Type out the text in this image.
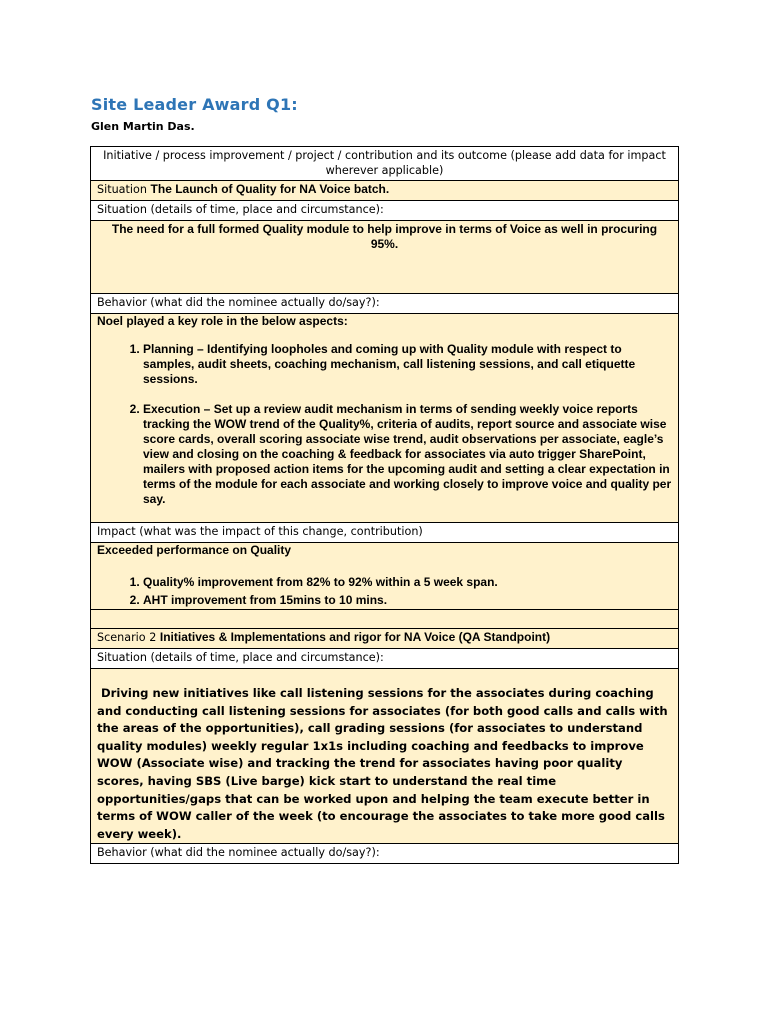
Site Leader Award Q1:
Glen Martin Das.
Initiative / process improvement / project / contribution and its outcome (please add data for impact wherever applicable)
Situation The Launch of Quality for NA Voice batch.
Situation (details of time, place and circumstance):
The need for a full formed Quality module to help improve in terms of Voice as well in procuring 95%.
Behavior (what did the nominee actually do/say?):

Noel played a key role in the below aspects:
1. Planning – Identifying loopholes and coming up with Quality module with respect to samples, audit sheets, coaching mechanism, call listening sessions, and call etiquette sessions.
2. Execution – Set up a review audit mechanism in terms of sending weekly voice reports tracking the WOW trend of the Quality%, criteria of audits, report source and associate wise score cards, overall scoring associate wise trend, audit observations per associate, eagle’s view and closing on the coaching & feedback for associates via auto trigger SharePoint, mailers with proposed action items for the upcoming audit and setting a clear expectation in terms of the module for each associate and working closely to improve voice and quality per say.

Impact (what was the impact of this change, contribution)

Exceeded performance on Quality
1. Quality% improvement from 82% to 92% within a 5 week span.
2. AHT improvement from 15mins to 10 mins.

Scenario 2 Initiatives & Implementations and rigor for NA Voice (QA Standpoint)
Situation (details of time, place and circumstance):
Driving new initiatives like call listening sessions for the associates during coaching and conducting call listening sessions for associates (for both good calls and calls with the areas of the opportunities), call grading sessions (for associates to understand quality modules) weekly regular 1x1s including coaching and feedbacks to improve WOW (Associate wise) and tracking the trend for associates having poor quality scores, having SBS (Live barge) kick start to understand the real time opportunities/gaps that can be worked upon and helping the team execute better in terms of WOW caller of the week (to encourage the associates to take more good calls every week).
Behavior (what did the nominee actually do/say?):
